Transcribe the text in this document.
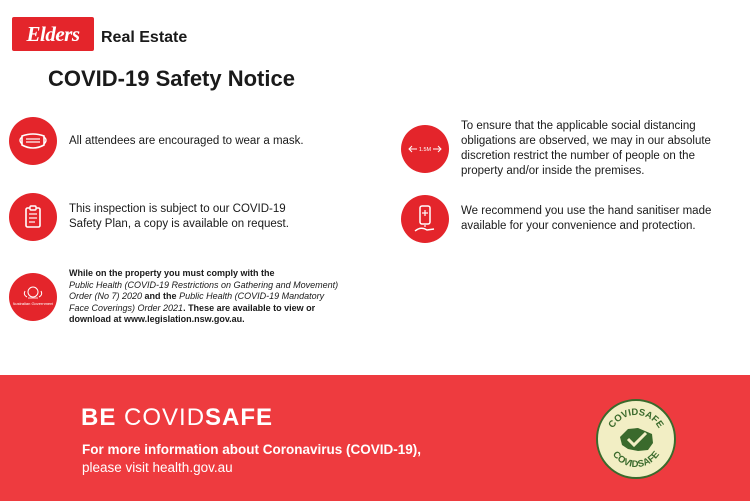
Elders Real Estate
COVID-19 Safety Notice
All attendees are encouraged to wear a mask.
This inspection is subject to our COVID-19
Safety Plan, a copy is available on request.
Australian Government
While on the property you must comply with the
Public Health (COVID-19 Restrictions on Gathering and Movement)
Order (No 7) 2020 and the Public Health (COVID-19 Mandatory
Face Coverings) Order 2021. These are available to view or
download at www.legislation.nsw.gov.au.
1.5M
To ensure that the applicable social distancing
obligations are observed, we may in our absolute
discretion restrict the number of people on the
property and/or inside the premises.
We recommend you use the hand sanitiser made
available for your convenience and protection.
BE COVIDSAFE
For more information about Coronavirus (COVID-19),
please visit health.gov.au
COVIDSAFE
COVIDSAFE
